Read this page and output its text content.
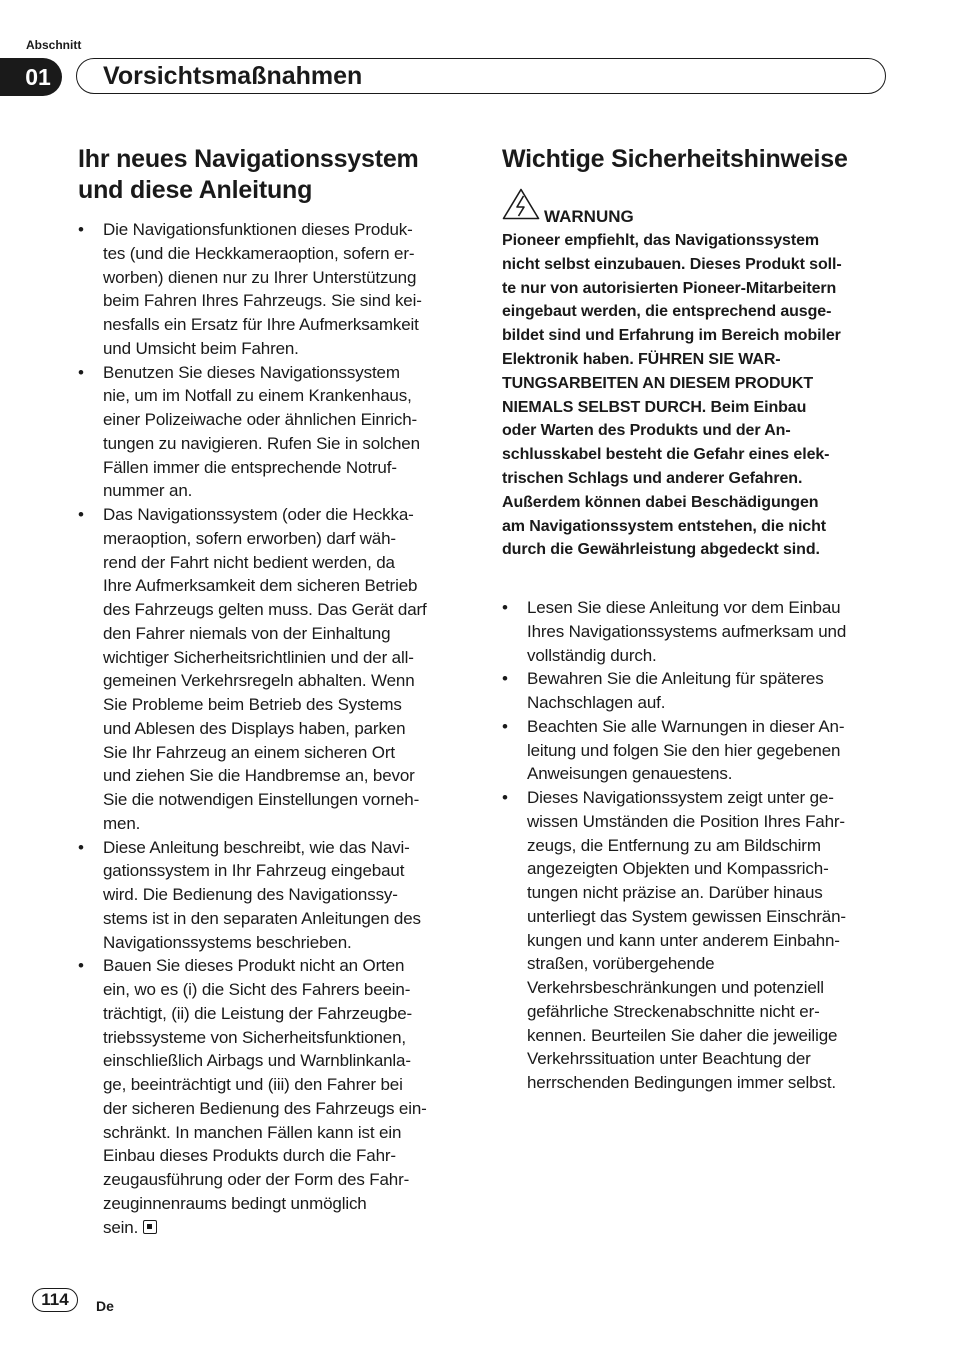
Abschnitt
01	Vorsichtsmaßnahmen
Ihr neues Navigationssystem
und diese Anleitung
• Die Navigationsfunktionen dieses Produk-
tes (und die Heckkameraoption, sofern er-
worben) dienen nur zu Ihrer Unterstützung
beim Fahren Ihres Fahrzeugs. Sie sind kei-
nesfalls ein Ersatz für Ihre Aufmerksamkeit
und Umsicht beim Fahren.
• Benutzen Sie dieses Navigationssystem
nie, um im Notfall zu einem Krankenhaus,
einer Polizeiwache oder ähnlichen Einrich-
tungen zu navigieren. Rufen Sie in solchen
Fällen immer die entsprechende Notruf-
nummer an.
• Das Navigationssystem (oder die Heckka-
meraoption, sofern erworben) darf wäh-
rend der Fahrt nicht bedient werden, da
Ihre Aufmerksamkeit dem sicheren Betrieb
des Fahrzeugs gelten muss. Das Gerät darf
den Fahrer niemals von der Einhaltung
wichtiger Sicherheitsrichtlinien und der all-
gemeinen Verkehrsregeln abhalten. Wenn
Sie Probleme beim Betrieb des Systems
und Ablesen des Displays haben, parken
Sie Ihr Fahrzeug an einem sicheren Ort
und ziehen Sie die Handbremse an, bevor
Sie die notwendigen Einstellungen vorneh-
men.
• Diese Anleitung beschreibt, wie das Navi-
gationssystem in Ihr Fahrzeug eingebaut
wird. Die Bedienung des Navigationssy-
stems ist in den separaten Anleitungen des
Navigationssystems beschrieben.
• Bauen Sie dieses Produkt nicht an Orten
ein, wo es (i) die Sicht des Fahrers beein-
trächtigt, (ii) die Leistung der Fahrzeugbe-
triebssysteme von Sicherheitsfunktionen,
einschließlich Airbags und Warnblinkanla-
ge, beeinträchtigt und (iii) den Fahrer bei
der sicheren Bedienung des Fahrzeugs ein-
schränkt. In manchen Fällen kann ist ein
Einbau dieses Produkts durch die Fahr-
zeugausführung oder der Form des Fahr-
zeuginnenraums bedingt unmöglich
sein.
Wichtige Sicherheitshinweise
WARNUNG
Pioneer empfiehlt, das Navigationssystem
nicht selbst einzubauen. Dieses Produkt soll-
te nur von autorisierten Pioneer-Mitarbeitern
eingebaut werden, die entsprechend ausge-
bildet sind und Erfahrung im Bereich mobiler
Elektronik haben. FÜHREN SIE WAR-
TUNGSARBEITEN AN DIESEM PRODUKT
NIEMALS SELBST DURCH. Beim Einbau
oder Warten des Produkts und der An-
schlusskabel besteht die Gefahr eines elek-
trischen Schlags und anderer Gefahren.
Außerdem können dabei Beschädigungen
am Navigationssystem entstehen, die nicht
durch die Gewährleistung abgedeckt sind.
• Lesen Sie diese Anleitung vor dem Einbau
Ihres Navigationssystems aufmerksam und
vollständig durch.
• Bewahren Sie die Anleitung für späteres
Nachschlagen auf.
• Beachten Sie alle Warnungen in dieser An-
leitung und folgen Sie den hier gegebenen
Anweisungen genauestens.
• Dieses Navigationssystem zeigt unter ge-
wissen Umständen die Position Ihres Fahr-
zeugs, die Entfernung zu am Bildschirm
angezeigten Objekten und Kompassrich-
tungen nicht präzise an. Darüber hinaus
unterliegt das System gewissen Einschrän-
kungen und kann unter anderem Einbahn-
straßen, vorübergehende
Verkehrsbeschränkungen und potenziell
gefährliche Streckenabschnitte nicht er-
kennen. Beurteilen Sie daher die jeweilige
Verkehrssituation unter Beachtung der
herrschenden Bedingungen immer selbst.
114	De
